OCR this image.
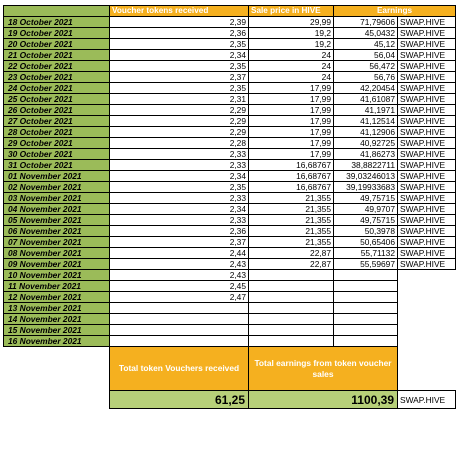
	Voucher tokens received	Sale price in HIVE	Earnings	
18 October 2021	2,39	29,99	71,79606	SWAP.HIVE
19 October 2021	2,36	19,2	45,0432	SWAP.HIVE
20 October 2021	2,35	19,2	45,12	SWAP.HIVE
21 October 2021	2,34	24	56,04	SWAP.HIVE
22 October 2021	2,35	24	56,472	SWAP.HIVE
23 October 2021	2,37	24	56,76	SWAP.HIVE
24 October 2021	2,35	17,99	42,20454	SWAP.HIVE
25 October 2021	2,31	17,99	41,61087	SWAP.HIVE
26 October 2021	2,29	17,99	41,1971	SWAP.HIVE
27 October 2021	2,29	17,99	41,12514	SWAP.HIVE
28 October 2021	2,29	17,99	41,12906	SWAP.HIVE
29 October 2021	2,28	17,99	40,92725	SWAP.HIVE
30 October 2021	2,33	17,99	41,86273	SWAP.HIVE
31 October 2021	2,33	16,68767	38,8822711	SWAP.HIVE
01 November 2021	2,34	16,68767	39,03246013	SWAP.HIVE
02 November 2021	2,35	16,68767	39,19933683	SWAP.HIVE
03 November 2021	2,33	21,355	49,75715	SWAP.HIVE
04 November 2021	2,34	21,355	49,9707	SWAP.HIVE
05 November 2021	2,33	21,355	49,75715	SWAP.HIVE
06 November 2021	2,36	21,355	50,3978	SWAP.HIVE
07 November 2021	2,37	21,355	50,65406	SWAP.HIVE
08 November 2021	2,44	22,87	55,71132	SWAP.HIVE
09 November 2021	2,43	22,87	55,59697	SWAP.HIVE
10 November 2021	2,43			
11 November 2021	2,45			
12 November 2021	2,47			
13 November 2021				
14 November 2021				
15 November 2021				
16 November 2021				
	Total token Vouchers received	Total earnings from token voucher sales		
	61,25	1100,39		SWAP.HIVE
